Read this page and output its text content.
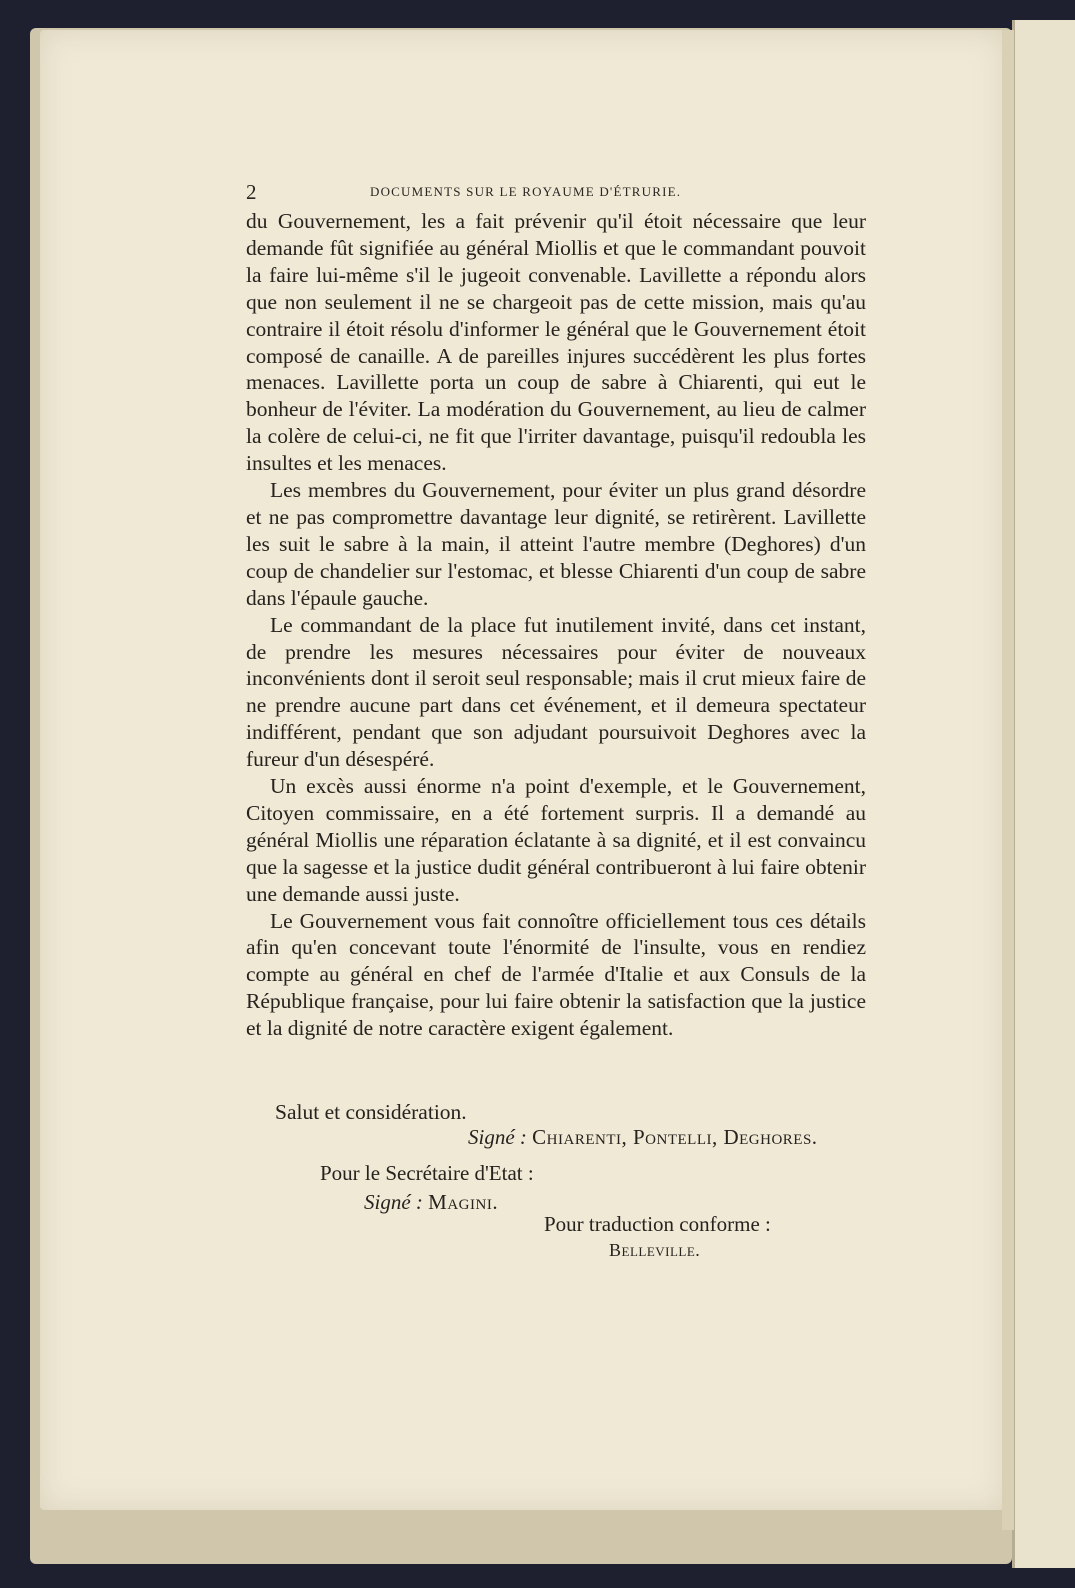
2	DOCUMENTS SUR LE ROYAUME D'ÉTRURIE.

du Gouvernement, les a fait prévenir qu'il étoit nécessaire que leur demande fût signifiée au général Miollis et que le commandant pouvoit la faire lui-même s'il le jugeoit convenable. Lavillette a répondu alors que non seulement il ne se chargeoit pas de cette mission, mais qu'au contraire il étoit résolu d'informer le général que le Gouvernement étoit composé de canaille. A de pareilles injures succédèrent les plus fortes menaces. Lavillette porta un coup de sabre à Chiarenti, qui eut le bonheur de l'éviter. La modération du Gouvernement, au lieu de calmer la colère de celui-ci, ne fit que l'irriter davantage, puisqu'il redoubla les insultes et les menaces.

Les membres du Gouvernement, pour éviter un plus grand désordre et ne pas compromettre davantage leur dignité, se retirèrent. Lavillette les suit le sabre à la main, il atteint l'autre membre (Deghores) d'un coup de chandelier sur l'estomac, et blesse Chiarenti d'un coup de sabre dans l'épaule gauche.

Le commandant de la place fut inutilement invité, dans cet instant, de prendre les mesures nécessaires pour éviter de nouveaux inconvénients dont il seroit seul responsable; mais il crut mieux faire de ne prendre aucune part dans cet événement, et il demeura spectateur indifférent, pendant que son adjudant poursuivoit Deghores avec la fureur d'un désespéré.

Un excès aussi énorme n'a point d'exemple, et le Gouvernement, Citoyen commissaire, en a été fortement surpris. Il a demandé au général Miollis une réparation éclatante à sa dignité, et il est convaincu que la sagesse et la justice dudit général contribueront à lui faire obtenir une demande aussi juste.

Le Gouvernement vous fait connoître officiellement tous ces détails afin qu'en concevant toute l'énormité de l'insulte, vous en rendiez compte au général en chef de l'armée d'Italie et aux Consuls de la République française, pour lui faire obtenir la satisfaction que la justice et la dignité de notre caractère exigent également.

Salut et considération.
Signé : Chiarenti, Pontelli, Deghores.
Pour le Secrétaire d'Etat :
Signé : Magini.
Pour traduction conforme :
Belleville.
